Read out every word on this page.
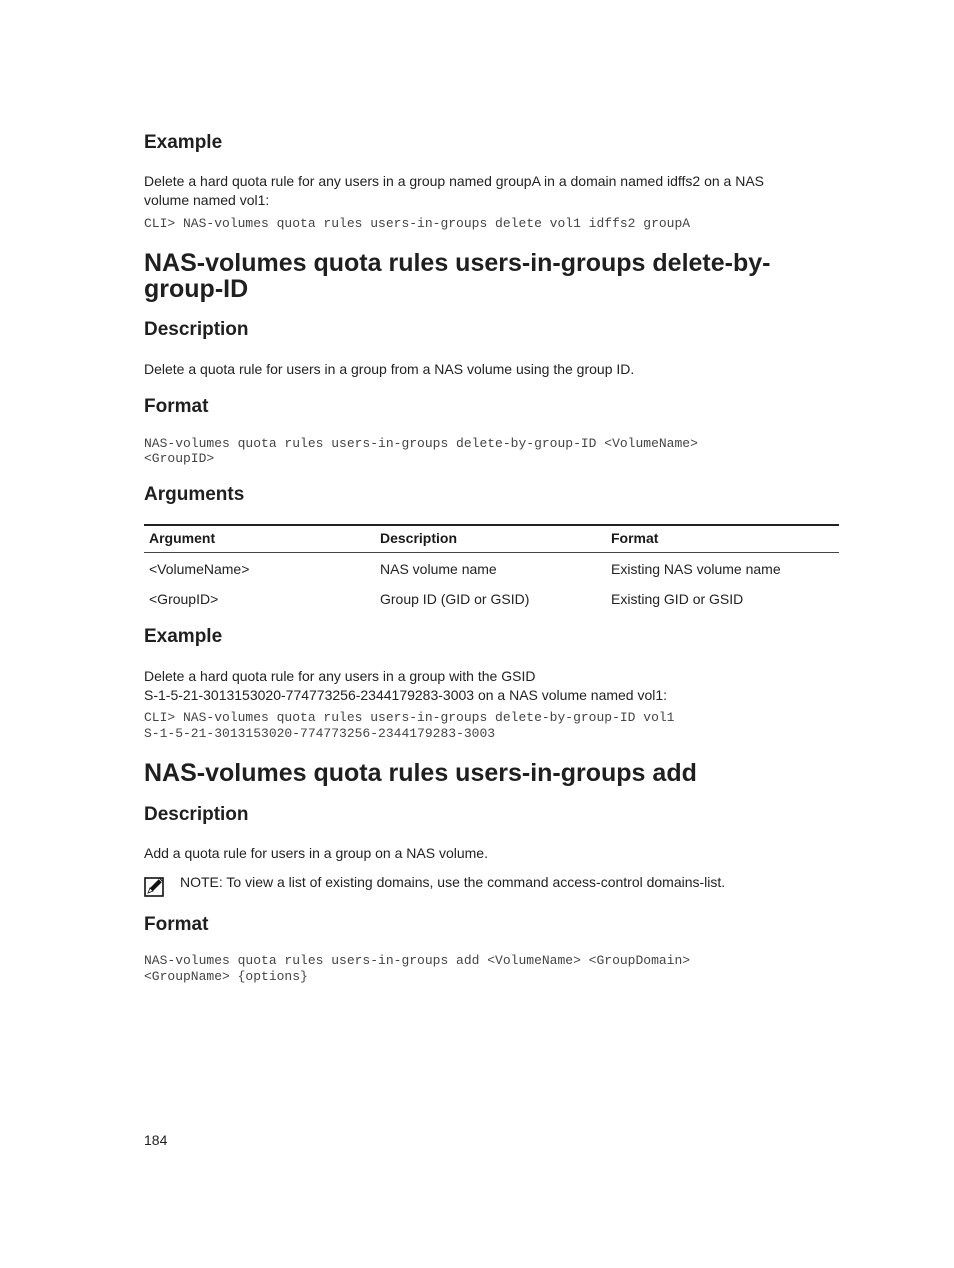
Example

Delete a hard quota rule for any users in a group named groupA in a domain named idffs2 on a NAS

volume named vol1:

CLI> NAS-volumes quota rules users-in-groups delete vol1 idffs2 groupA

NAS-volumes quota rules users-in-groups delete-by-
group-ID
Description

Delete a quota rule for users in a group from a NAS volume using the group ID.

Format

NAS-volumes quota rules users-in-groups delete-by-group-ID <VolumeName>

<GroupID>

Arguments
Argument	Description	Format
<VolumeName>	NAS volume name	Existing NAS volume name
<GroupID>	Group ID (GID or GSID)	Existing GID or GSID
Example

Delete a hard quota rule for any users in a group with the GSID

S-1-5-21-3013153020-774773256-2344179283-3003 on a NAS volume named vol1:

CLI> NAS-volumes quota rules users-in-groups delete-by-group-ID vol1

S-1-5-21-3013153020-774773256-2344179283-3003

NAS-volumes quota rules users-in-groups add
Description

Add a quota rule for users in a group on a NAS volume.

NOTE: To view a list of existing domains, use the command access-control domains-list.

Format

NAS-volumes quota rules users-in-groups add <VolumeName> <GroupDomain>

<GroupName> {options}

184
